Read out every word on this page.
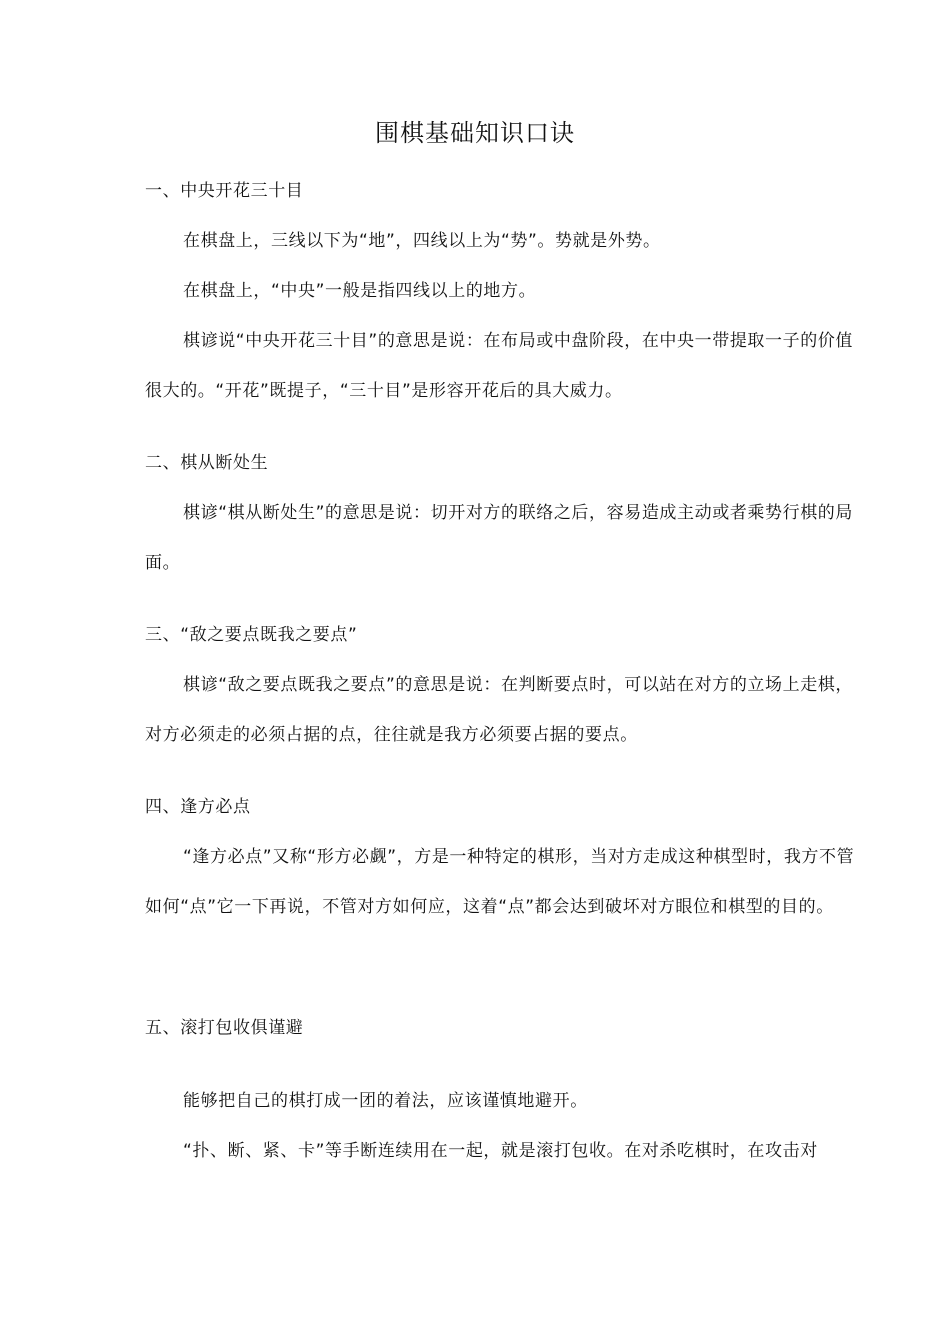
围棋基础知识口诀
一、中央开花三十目

在棋盘上，三线以下为“地”，四线以上为“势”。势就是外势。

在棋盘上，“中央”一般是指四线以上的地方。

棋谚说“中央开花三十目”的意思是说：在布局或中盘阶段，在中央一带提取一子的价值很大的。“开花”既提子，“三十目”是形容开花后的具大威力。

二、棋从断处生

棋谚“棋从断处生”的意思是说：切开对方的联络之后，容易造成主动或者乘势行棋的局面。

三、“敌之要点既我之要点”

棋谚“敌之要点既我之要点”的意思是说：在判断要点时，可以站在对方的立场上走棋，对方必须走的必须占据的点，往往就是我方必须要占据的要点。

四、逢方必点

“逢方必点”又称“形方必觑”，方是一种特定的棋形，当对方走成这种棋型时，我方不管如何“点”它一下再说，不管对方如何应，这着“点”都会达到破坏对方眼位和棋型的目的。

五、滚打包收俱谨避

能够把自己的棋打成一团的着法，应该谨慎地避开。

“扑、断、紧、卡”等手断连续用在一起，就是滚打包收。在对杀吃棋时，在攻击对
